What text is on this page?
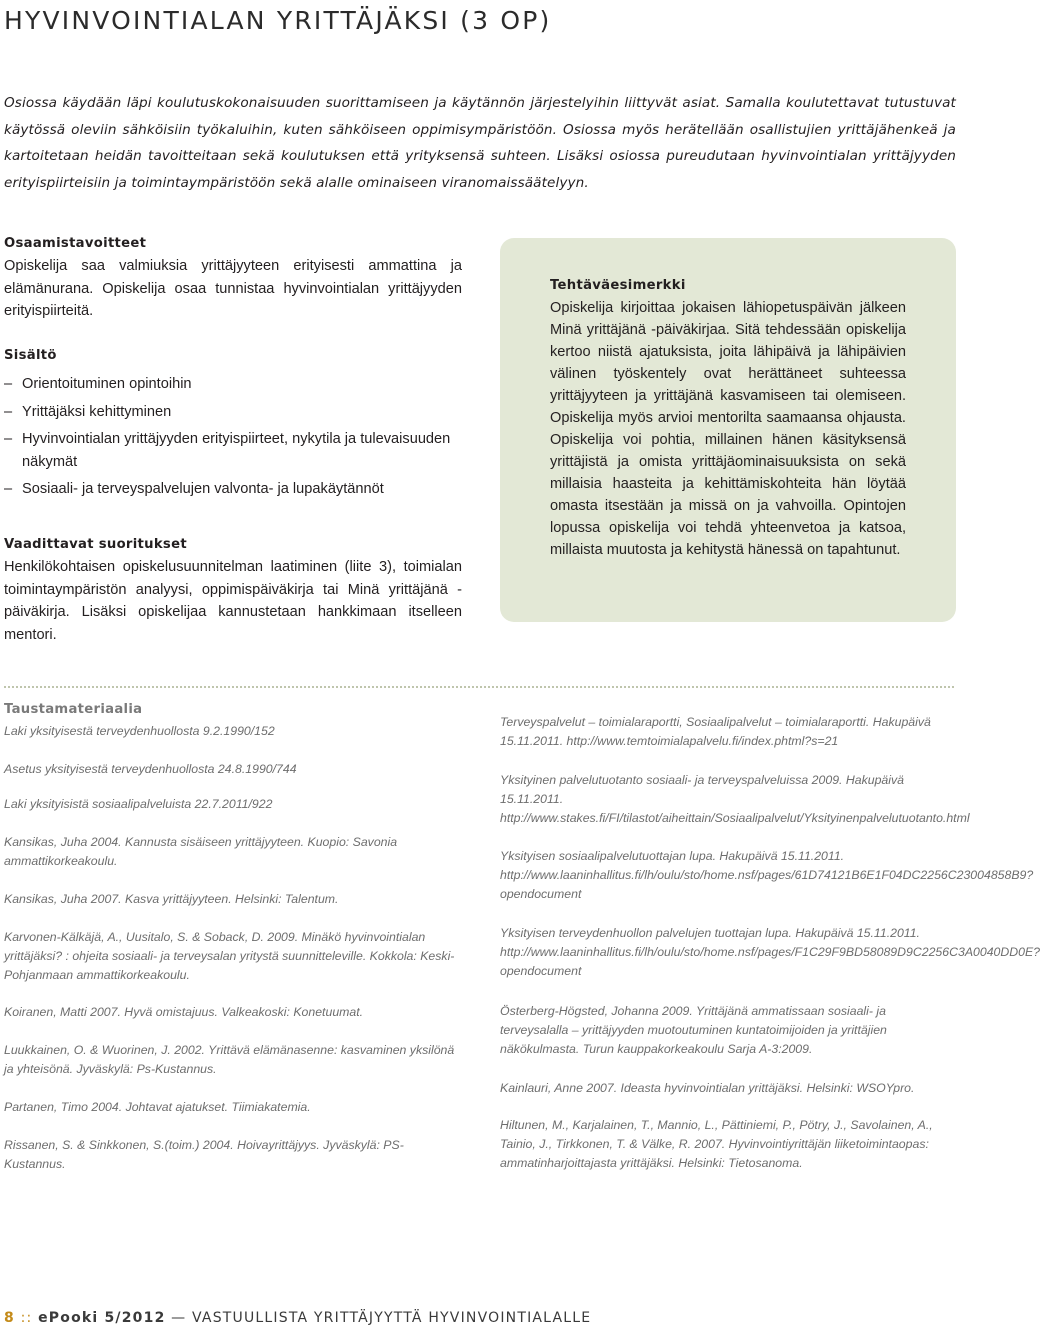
HYVINVOINTIALAN YRITTÄJÄKSI (3 OP)

Osiossa käydään läpi koulutuskokonaisuuden suorittamiseen ja käytännön järjestelyihin liittyvät asiat. Samalla koulutettavat tutustuvat käytössä oleviin sähköisiin työkaluihin, kuten sähköiseen oppimisympäristöön. Osiossa myös herätellään osallistujien yrittäjähenkeä ja kartoitetaan heidän tavoitteitaan sekä koulutuksen että yrityksensä suhteen. Lisäksi osiossa pureudutaan hyvinvointialan yrittäjyyden erityispiirteisiin ja toimintaympäristöön sekä alalle ominaiseen viranomaissäätelyyn.

Osaamistavoitteet

Opiskelija saa valmiuksia yrittäjyyteen erityisesti ammattina ja elämänurana. Opiskelija osaa tunnistaa hyvinvointialan yrittäjyyden erityispiirteitä.

Sisältö
– Orientoituminen opintoihin
– Yrittäjäksi kehittyminen
– Hyvinvointialan yrittäjyyden erityispiirteet, nykytila ja tulevaisuuden näkymät
– Sosiaali- ja terveyspalvelujen valvonta- ja lupakäytännöt
Vaadittavat suoritukset

Henkilökohtaisen opiskelusuunnitelman laatiminen (liite 3), toimialan toimintaympäristön analyysi, oppimispäiväkirja tai Minä yrittäjänä -päiväkirja. Lisäksi opiskelijaa kannustetaan hankkimaan itselleen mentori.

Tehtäväesimerkki

Opiskelija kirjoittaa jokaisen lähiopetuspäivän jälkeen Minä yrittäjänä -päiväkirjaa. Sitä tehdessään opiskelija kertoo niistä ajatuksista, joita lähipäivä ja lähipäivien välinen työskentely ovat herättäneet suhteessa yrittäjyyteen ja yrittäjänä kasvamiseen tai olemiseen. Opiskelija myös arvioi mentorilta saamaansa ohjausta. Opiskelija voi pohtia, millainen hänen käsityksensä yrittäjistä ja omista yrittäjäominaisuuksista on sekä millaisia haasteita ja kehittämiskohteita hän löytää omasta itsestään ja missä on ja vahvoilla. Opintojen lopussa opiskelija voi tehdä yhteenvetoa ja katsoa, millaista muutosta ja kehitystä hänessä on tapahtunut.

Taustamateriaalia

Laki yksityisestä terveydenhuollosta 9.2.1990/152

Asetus yksityisestä terveydenhuollosta 24.8.1990/744

Laki yksityisistä sosiaalipalveluista 22.7.2011/922

Kansikas, Juha 2004. Kannusta sisäiseen yrittäjyyteen. Kuopio: Savonia ammattikorkeakoulu.

Kansikas, Juha 2007. Kasva yrittäjyyteen. Helsinki: Talentum.

Karvonen-Kälkäjä, A., Uusitalo, S. & Soback, D. 2009. Minäkö hyvinvointialan yrittäjäksi? : ohjeita sosiaali- ja terveysalan yritystä suunnitteleville. Kokkola: Keski-Pohjanmaan ammattikorkeakoulu.

Koiranen, Matti 2007. Hyvä omistajuus. Valkeakoski: Konetuumat.

Luukkainen, O. & Wuorinen, J. 2002. Yrittävä elämänasenne: kasvaminen yksilönä ja yhteisönä. Jyväskylä: Ps-Kustannus.

Partanen, Timo 2004. Johtavat ajatukset. Tiimiakatemia.

Rissanen, S. & Sinkkonen, S.(toim.) 2004. Hoivayrittäjyys. Jyväskylä: PS-Kustannus.

Terveyspalvelut – toimialaraportti, Sosiaalipalvelut – toimialaraportti. Hakupäivä 15.11.2011. http://www.temtoimialapalvelu.fi/index.phtml?s=21

Yksityinen palvelutuotanto sosiaali- ja terveyspalveluissa 2009. Hakupäivä 15.11.2011. http://www.stakes.fi/FI/tilastot/aiheittain/Sosiaalipalvelut/Yksityinenpalvelutuotanto.html

Yksityisen sosiaalipalvelutuottajan lupa. Hakupäivä 15.11.2011. http://www.laaninhallitus.fi/lh/oulu/sto/home.nsf/pages/61D74121B6E1F04DC2256C23004858B9?opendocument

Yksityisen terveydenhuollon palvelujen tuottajan lupa. Hakupäivä 15.11.2011. http://www.laaninhallitus.fi/lh/oulu/sto/home.nsf/pages/F1C29F9BD58089D9C2256C3A0040DD0E?opendocument

Österberg-Högsted, Johanna 2009. Yrittäjänä ammatissaan sosiaali- ja terveysalalla – yrittäjyyden muotoutuminen kuntatoimijoiden ja yrittäjien näkökulmasta. Turun kauppakorkeakoulu Sarja A-3:2009.

Kainlauri, Anne 2007. Ideasta hyvinvointialan yrittäjäksi. Helsinki: WSOYpro.

Hiltunen, M., Karjalainen, T., Mannio, L., Pättiniemi, P., Pötry, J., Savolainen, A., Tainio, J., Tirkkonen, T. & Välke, R. 2007. Hyvinvointiyrittäjän liiketoimintaopas: ammatinharjoittajasta yrittäjäksi. Helsinki: Tietosanoma.

8 :: ePooki 5/2012 — VASTUULLISTA YRITTÄJYYTTÄ HYVINVOINTIALALLE
